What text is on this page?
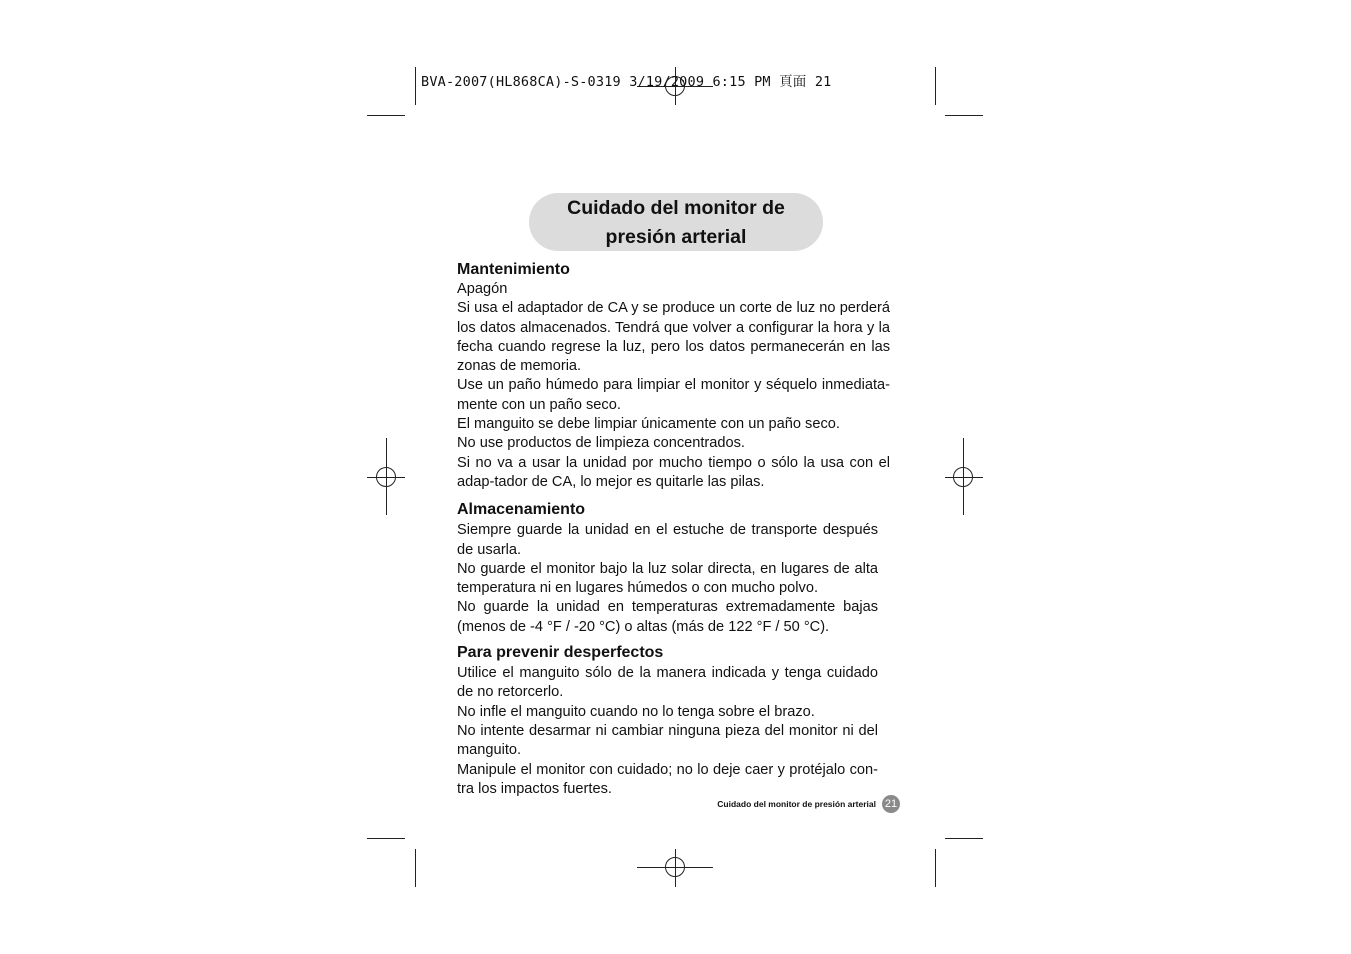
BVA-2007(HL868CA)-S-0319 3/19/2009 6:15 PM 頁面 21
Cuidado del monitor de
presión arterial
Mantenimiento

Apagón

Si usa el adaptador de CA y se produce un corte de luz no perderá los datos almacenados. Tendrá que volver a configurar la hora y la fecha cuando regrese la luz, pero los datos permanecerán en las zonas de memoria.

Use un paño húmedo para limpiar el monitor y séquelo inmediata-mente con un paño seco.

El manguito se debe limpiar únicamente con un paño seco.

No use productos de limpieza concentrados.

Si no va a usar la unidad por mucho tiempo o sólo la usa con el adap-tador de CA, lo mejor es quitarle las pilas.

Almacenamiento

Siempre guarde la unidad en el estuche de transporte después de usarla.

No guarde el monitor bajo la luz solar directa, en lugares de alta temperatura ni en lugares húmedos o con mucho polvo.

No guarde la unidad en temperaturas extremadamente bajas (menos de -4 °F / -20 °C) o altas (más de 122 °F / 50 °C).

Para prevenir desperfectos

Utilice el manguito sólo de la manera indicada y tenga cuidado de no retorcerlo.

No infle el manguito cuando no lo tenga sobre el brazo.

No intente desarmar ni cambiar ninguna pieza del monitor ni del manguito.

Manipule el monitor con cuidado; no lo deje caer y protéjalo con-tra los impactos fuertes.

Cuidado del monitor de presión arterial 21
